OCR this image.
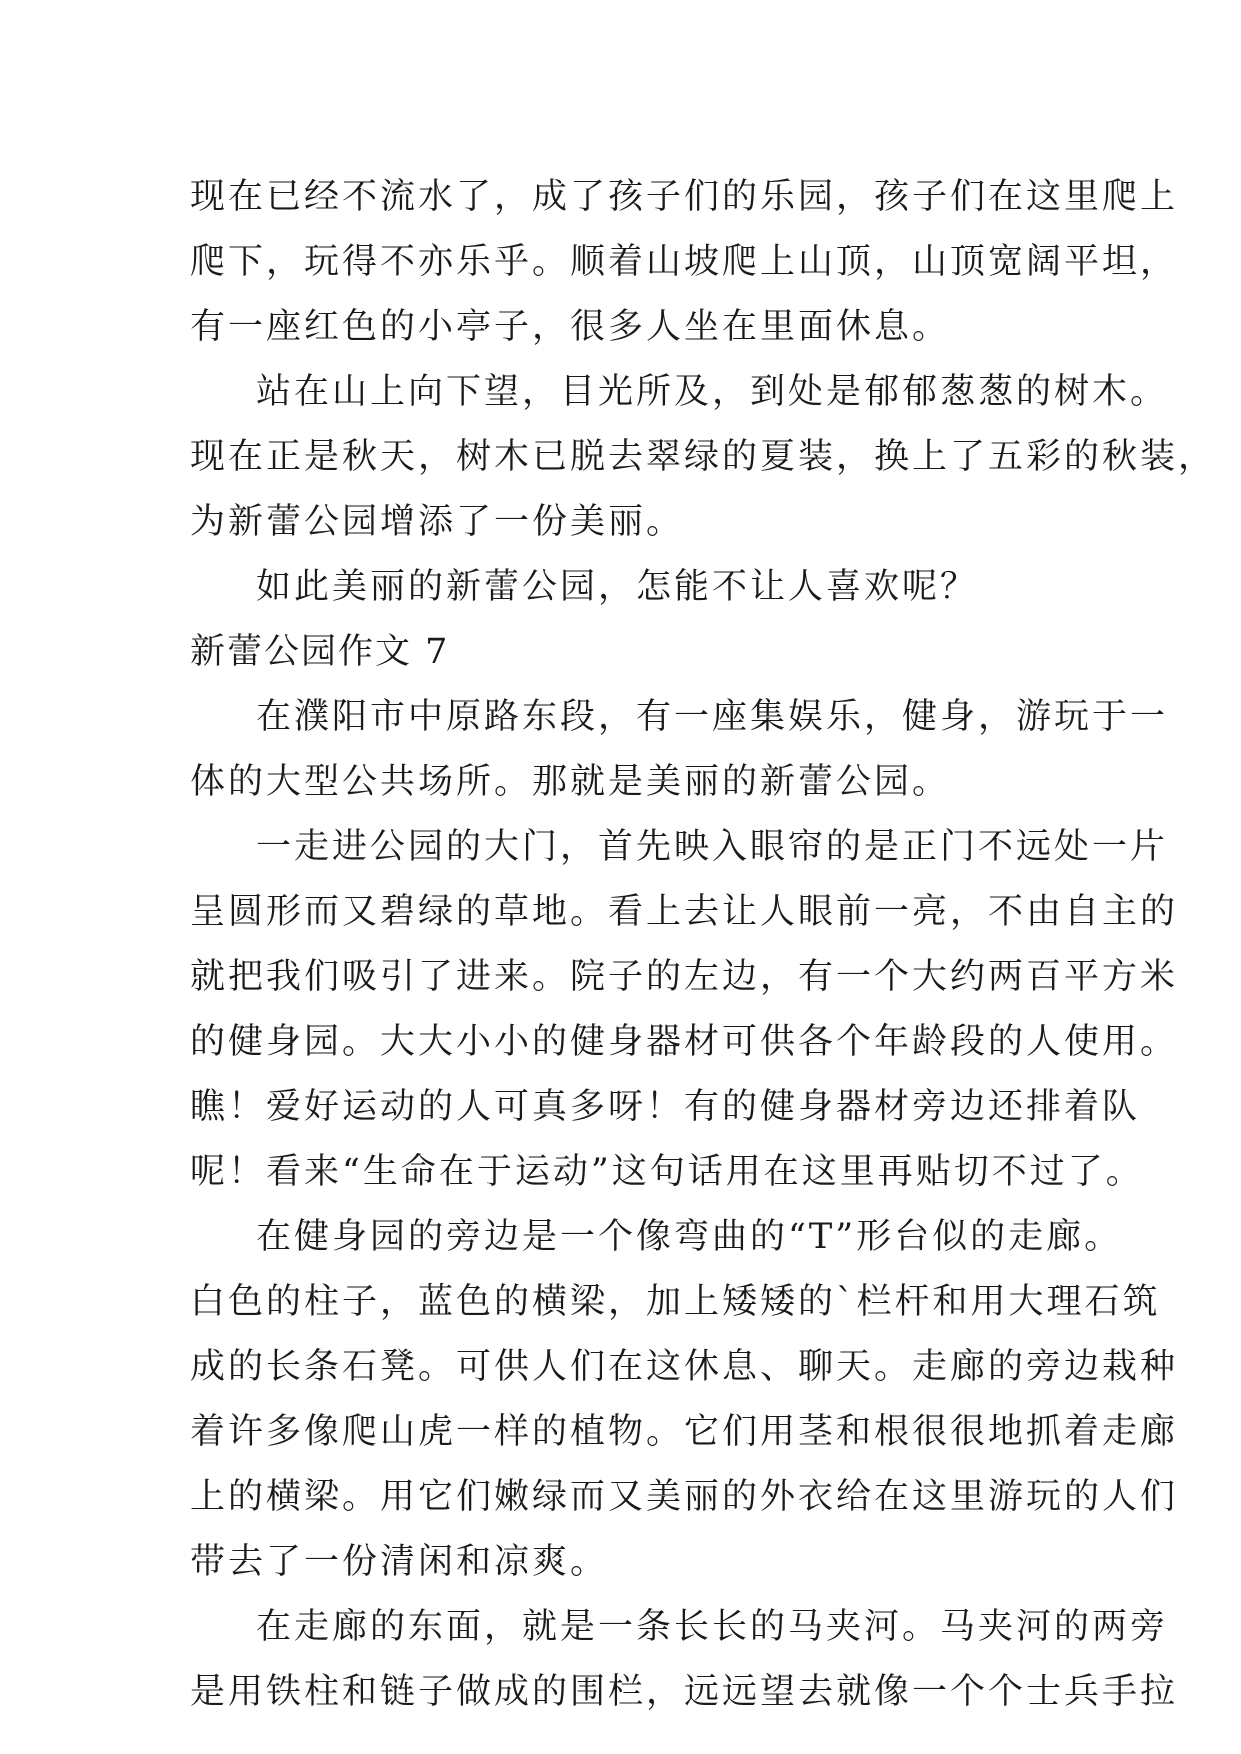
现在已经不流水了，成了孩子们的乐园，孩子们在这里爬上
爬下，玩得不亦乐乎。顺着山坡爬上山顶，山顶宽阔平坦，
有一座红色的小亭子，很多人坐在里面休息。
站在山上向下望，目光所及，到处是郁郁葱葱的树木。
现在正是秋天，树木已脱去翠绿的夏装，换上了五彩的秋装，
为新蕾公园增添了一份美丽。
如此美丽的新蕾公园，怎能不让人喜欢呢？
新蕾公园作文 7
在濮阳市中原路东段，有一座集娱乐，健身，游玩于一
体的大型公共场所。那就是美丽的新蕾公园。
一走进公园的大门，首先映入眼帘的是正门不远处一片
呈圆形而又碧绿的草地。看上去让人眼前一亮，不由自主的
就把我们吸引了进来。院子的左边，有一个大约两百平方米
的健身园。大大小小的健身器材可供各个年龄段的人使用。
瞧！爱好运动的人可真多呀！有的健身器材旁边还排着队
呢！看来“生命在于运动”这句话用在这里再贴切不过了。
在健身园的旁边是一个像弯曲的“T”形台似的走廊。
白色的柱子，蓝色的横梁，加上矮矮的`栏杆和用大理石筑
成的长条石凳。可供人们在这休息、聊天。走廊的旁边栽种
着许多像爬山虎一样的植物。它们用茎和根很很地抓着走廊
上的横梁。用它们嫩绿而又美丽的外衣给在这里游玩的人们
带去了一份清闲和凉爽。
在走廊的东面，就是一条长长的马夹河。马夹河的两旁
是用铁柱和链子做成的围栏，远远望去就像一个个士兵手拉
